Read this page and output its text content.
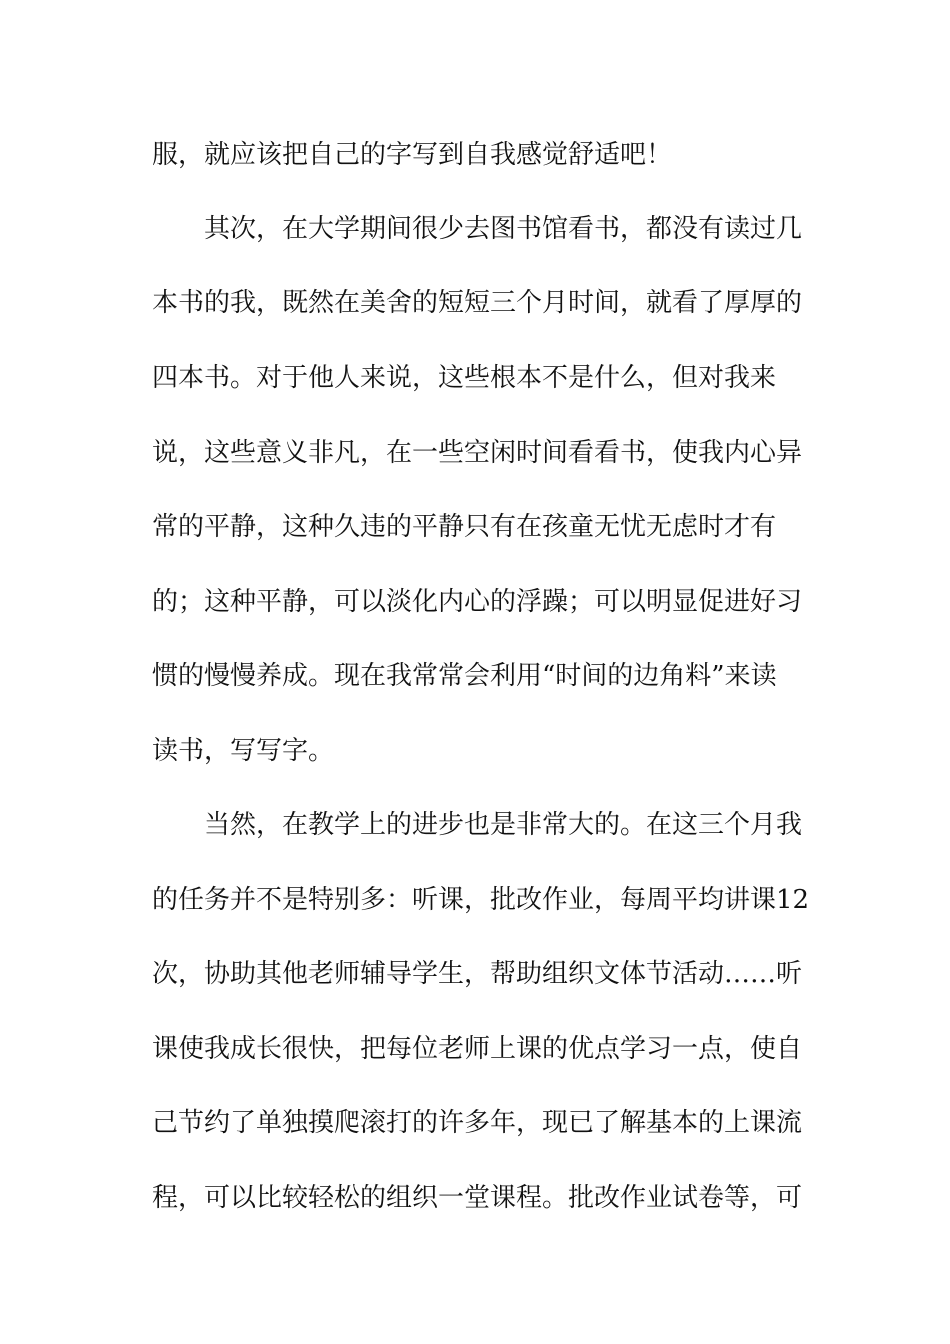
服，就应该把自己的字写到自我感觉舒适吧！
其次，在大学期间很少去图书馆看书，都没有读过几
本书的我，既然在美舍的短短三个月时间，就看了厚厚的
四本书。对于他人来说，这些根本不是什么，但对我来
说，这些意义非凡，在一些空闲时间看看书，使我内心异
常的平静，这种久违的平静只有在孩童无忧无虑时才有
的；这种平静，可以淡化内心的浮躁；可以明显促进好习
惯的慢慢养成。现在我常常会利用“时间的边角料”来读
读书，写写字。
当然，在教学上的进步也是非常大的。在这三个月我
的任务并不是特别多：听课，批改作业，每周平均讲课12
次，协助其他老师辅导学生，帮助组织文体节活动……听
课使我成长很快，把每位老师上课的优点学习一点，使自
己节约了单独摸爬滚打的许多年，现已了解基本的上课流
程，可以比较轻松的组织一堂课程。批改作业试卷等，可
